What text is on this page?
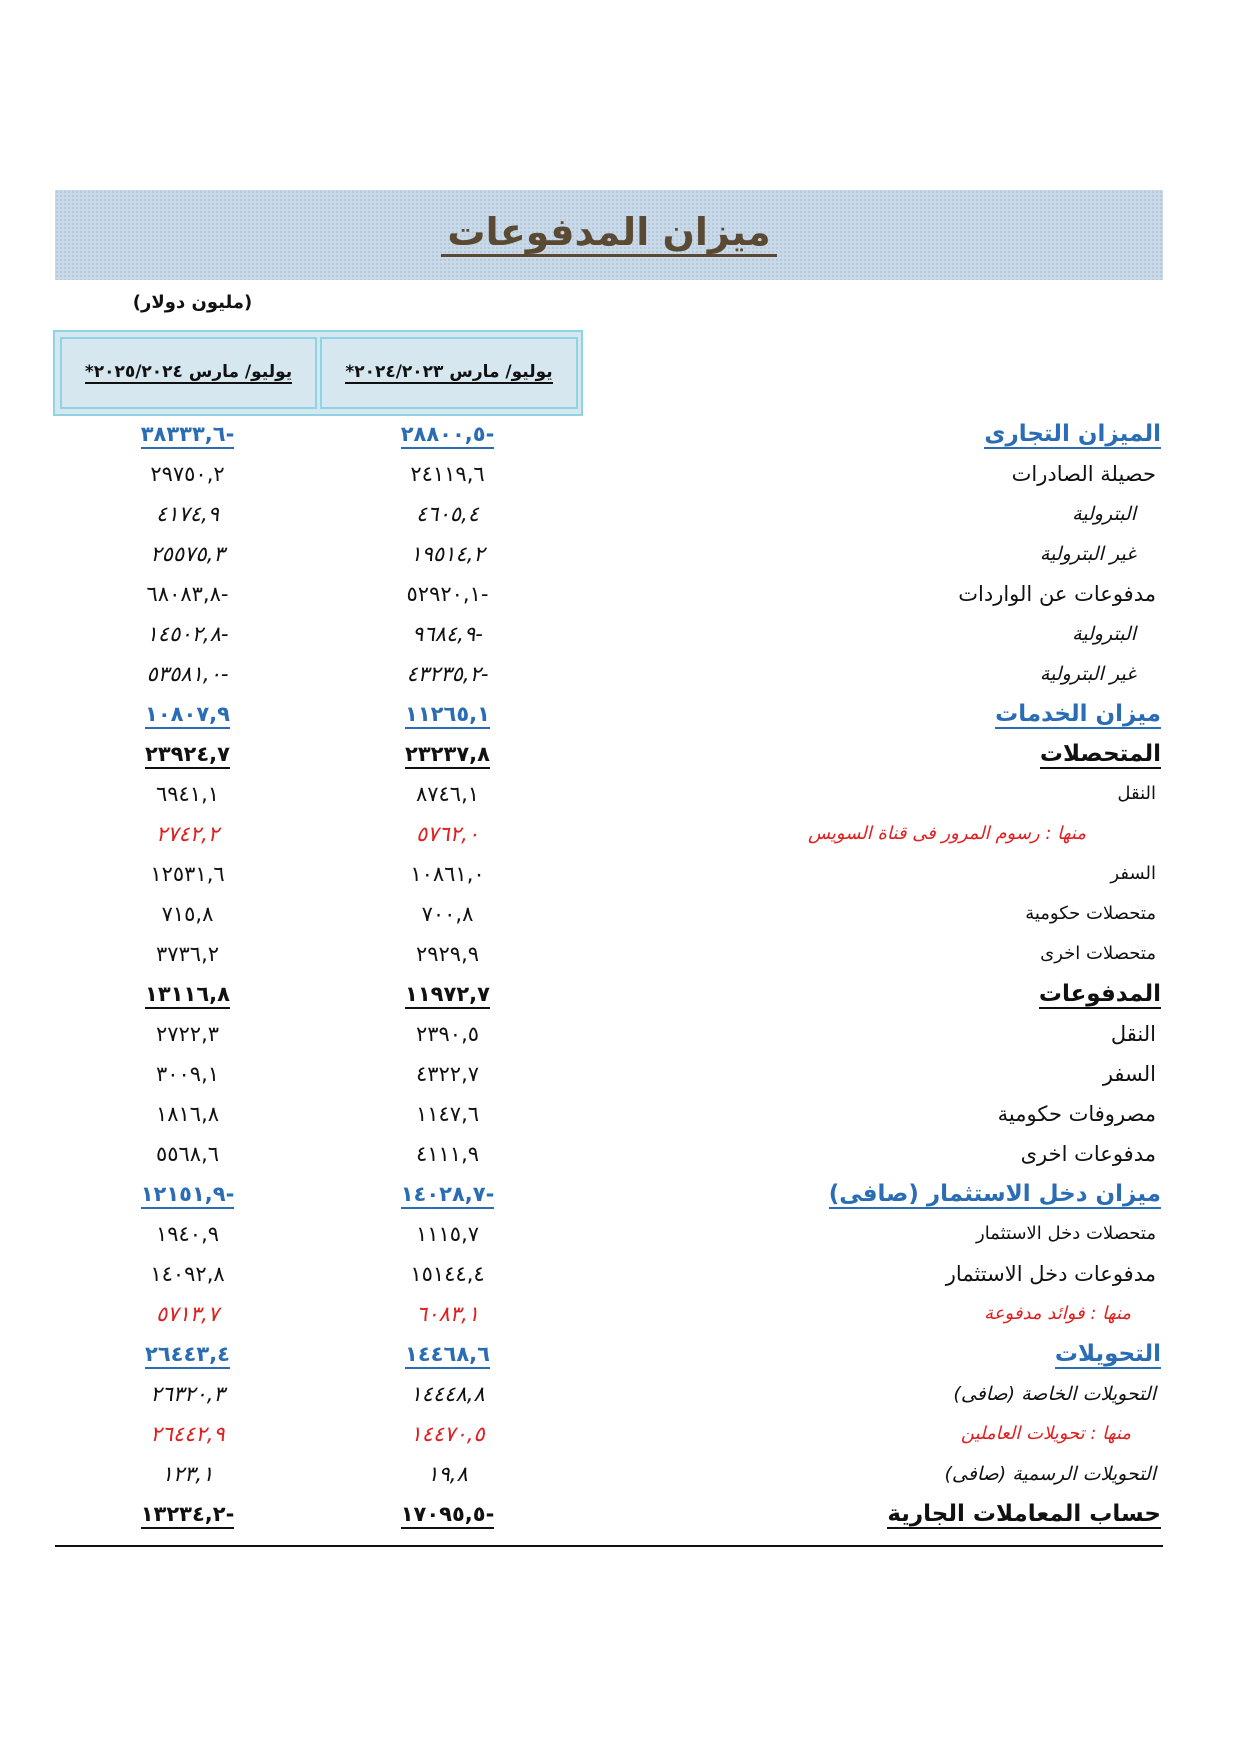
ميزان المدفوعات
(مليون دولار)
يوليو/ مارس ٢٠٢٥/٢٠٢٤*	يوليو/ مارس ٢٠٢٤/٢٠٢٣*
الميزان التجارى
-٢٨٨٠٠,٥
-٣٨٣٣٣,٦
حصيلة الصادرات
٢٤١١٩,٦
٢٩٧٥٠,٢
البترولية
٤٦٠٥,٤
٤١٧٤,٩
غير البترولية
١٩٥١٤,٢
٢٥٥٧٥,٣
مدفوعات عن الواردات
-٥٢٩٢٠,١
-٦٨٠٨٣,٨
البترولية
-٩٦٨٤,٩
-١٤٥٠٢,٨
غير البترولية
-٤٣٢٣٥,٢
-٥٣٥٨١,٠
ميزان الخدمات
١١٢٦٥,١
١٠٨٠٧,٩
المتحصلات
٢٣٢٣٧,٨
٢٣٩٢٤,٧
النقل
٨٧٤٦,١
٦٩٤١,١
منها : رسوم المرور فى قناة السويس
٥٧٦٢,٠
٢٧٤٢,٢
السفر
١٠٨٦١,٠
١٢٥٣١,٦
متحصلات حكومية
٧٠٠,٨
٧١٥,٨
متحصلات اخرى
٢٩٢٩,٩
٣٧٣٦,٢
المدفوعات
١١٩٧٢,٧
١٣١١٦,٨
النقل
٢٣٩٠,٥
٢٧٢٢,٣
السفر
٤٣٢٢,٧
٣٠٠٩,١
مصروفات حكومية
١١٤٧,٦
١٨١٦,٨
مدفوعات اخرى
٤١١١,٩
٥٥٦٨,٦
ميزان دخل الاستثمار (صافى)
-١٤٠٢٨,٧
-١٢١٥١,٩
متحصلات دخل الاستثمار
١١١٥,٧
١٩٤٠,٩
مدفوعات دخل الاستثمار
١٥١٤٤,٤
١٤٠٩٢,٨
منها : فوائد مدفوعة
٦٠٨٣,١
٥٧١٣,٧
التحويلات
١٤٤٦٨,٦
٢٦٤٤٣,٤
التحويلات الخاصة (صافى)
١٤٤٤٨,٨
٢٦٣٢٠,٣
منها : تحويلات العاملين
١٤٤٧٠,٥
٢٦٤٤٢,٩
التحويلات الرسمية (صافى)
١٩,٨
١٢٣,١
حساب المعاملات الجارية
-١٧٠٩٥,٥
-١٣٢٣٤,٢
